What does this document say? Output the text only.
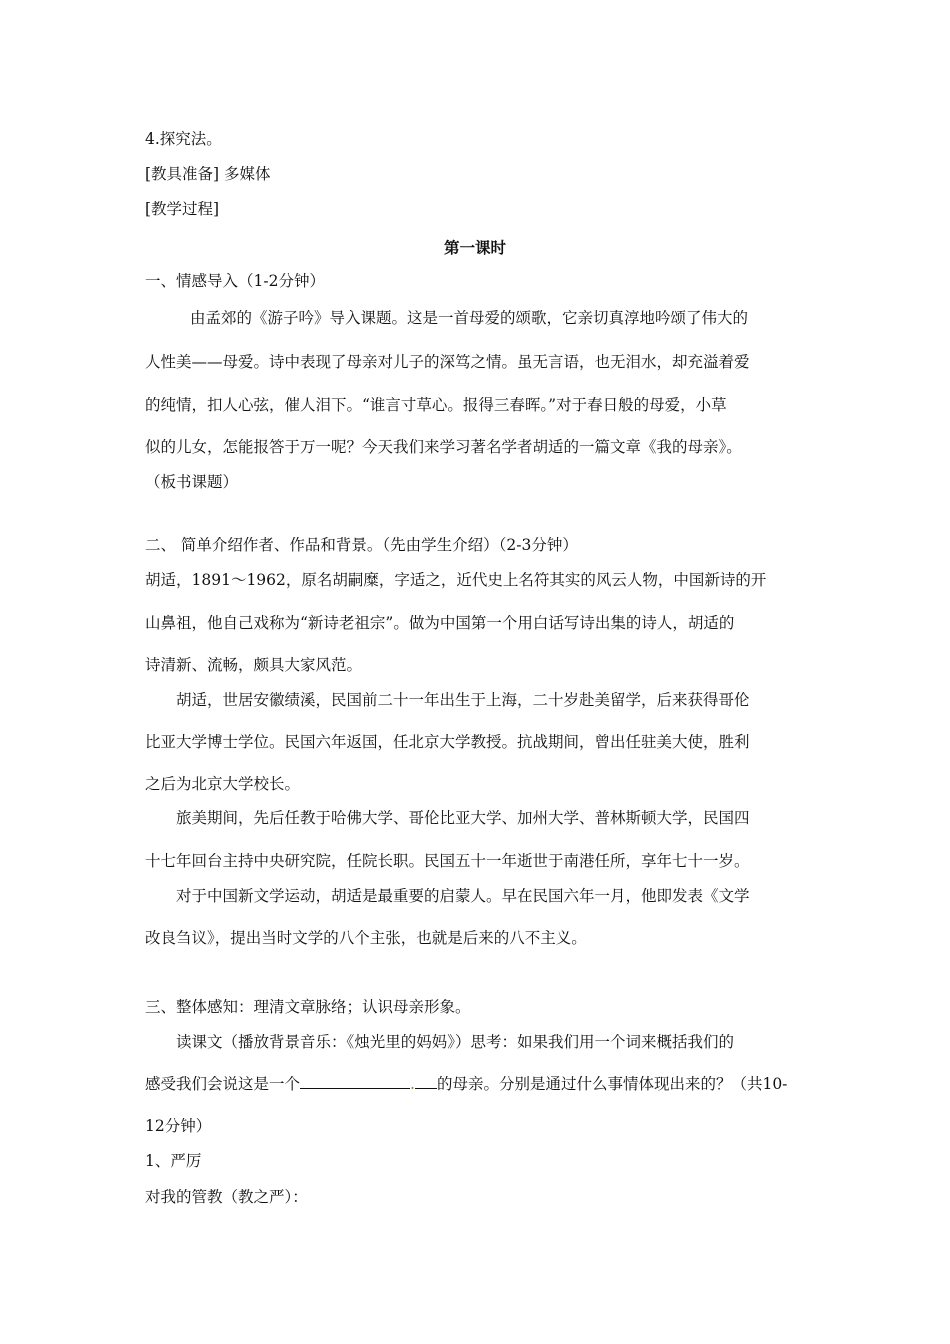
4.探究法。
[教具准备] 多媒体
[教学过程]
第一课时
一、情感导入（1-2分钟）
由孟郊的《游子吟》导入课题。这是一首母爱的颂歌，它亲切真淳地吟颂了伟大的
人性美——母爱。诗中表现了母亲对儿子的深笃之情。虽无言语，也无泪水，却充溢着爱
的纯情，扣人心弦，催人泪下。“谁言寸草心。报得三春晖。”对于春日般的母爱，小草
似的儿女，怎能报答于万一呢？今天我们来学习著名学者胡适的一篇文章《我的母亲》。
（板书课题）
二、 简单介绍作者、作品和背景。（先由学生介绍）（2-3分钟）
胡适，1891～1962，原名胡嗣糜，字适之，近代史上名符其实的风云人物，中国新诗的开
山鼻祖，他自己戏称为“新诗老祖宗”。做为中国第一个用白话写诗出集的诗人，胡适的
诗清新、流畅，颇具大家风范。
胡适，世居安徽绩溪，民国前二十一年出生于上海，二十岁赴美留学，后来获得哥伦
比亚大学博士学位。民国六年返国，任北京大学教授。抗战期间，曾出任驻美大使，胜利
之后为北京大学校长。
旅美期间，先后任教于哈佛大学、哥伦比亚大学、加州大学、普林斯顿大学，民国四
十七年回台主持中央研究院，任院长职。民国五十一年逝世于南港任所，享年七十一岁。
对于中国新文学运动，胡适是最重要的启蒙人。早在民国六年一月，他即发表《文学
改良刍议》，提出当时文学的八个主张，也就是后来的八不主义。
三、整体感知：理清文章脉络；认识母亲形象。
读课文（播放背景音乐：《烛光里的妈妈》）思考：如果我们用一个词来概括我们的
感受我们会说这是一个	. 的母亲。分别是通过什么事情体现出来的？（共10-
12分钟）
1、严厉
对我的管教（教之严）：
